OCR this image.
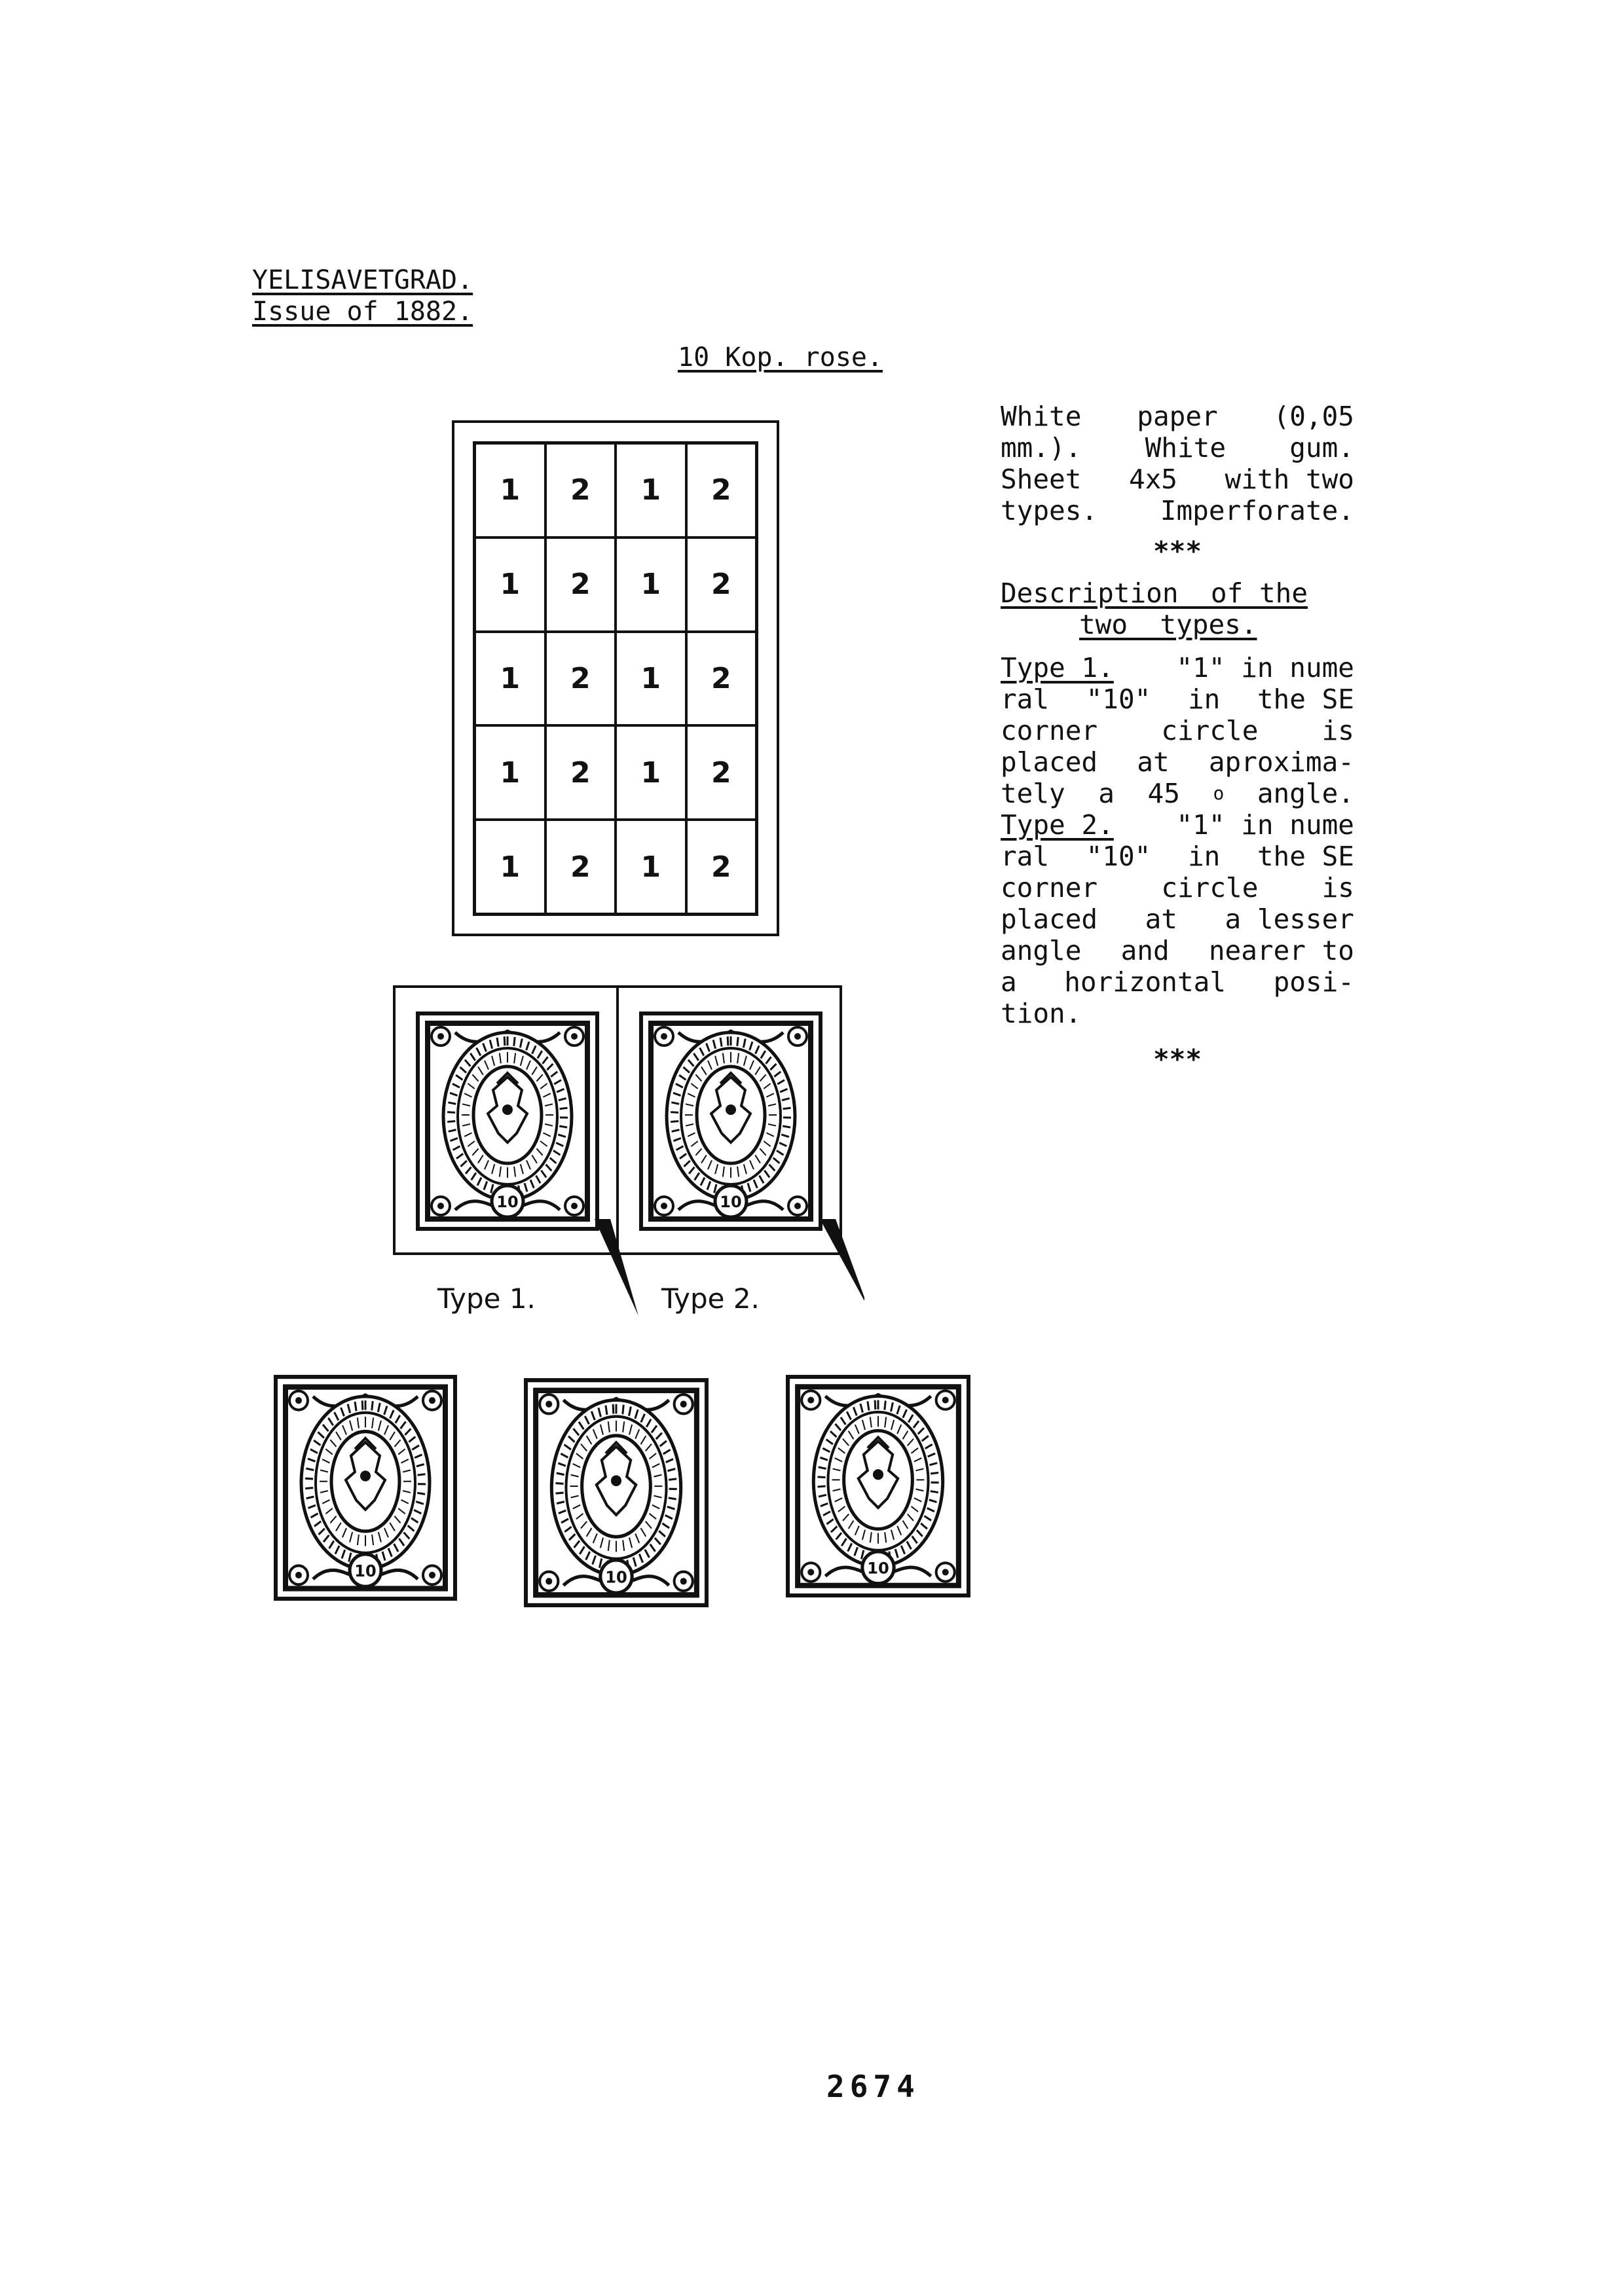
YELISAVETGRAD.
Issue of 1882.
10 Kop. rose.
1	2	1	2
1	2	1	2
1	2	1	2
1	2	1	2
1	2	1	2
10	10
Type 1.	Type 2.
10	10	10
White paper (0,05
mm.). White gum.
Sheet 4x5 with two
types. Imperforate.
***
Description  of the
two  types.
Type 1. "1" in nume
ral "10" in the SE
corner circle is
placed at aproxima-
tely a 45 o angle.
Type 2. "1" in nume
ral "10" in the SE
corner circle is
placed at a lesser
angle and nearer to
a horizontal posi-
tion.
***
2674
